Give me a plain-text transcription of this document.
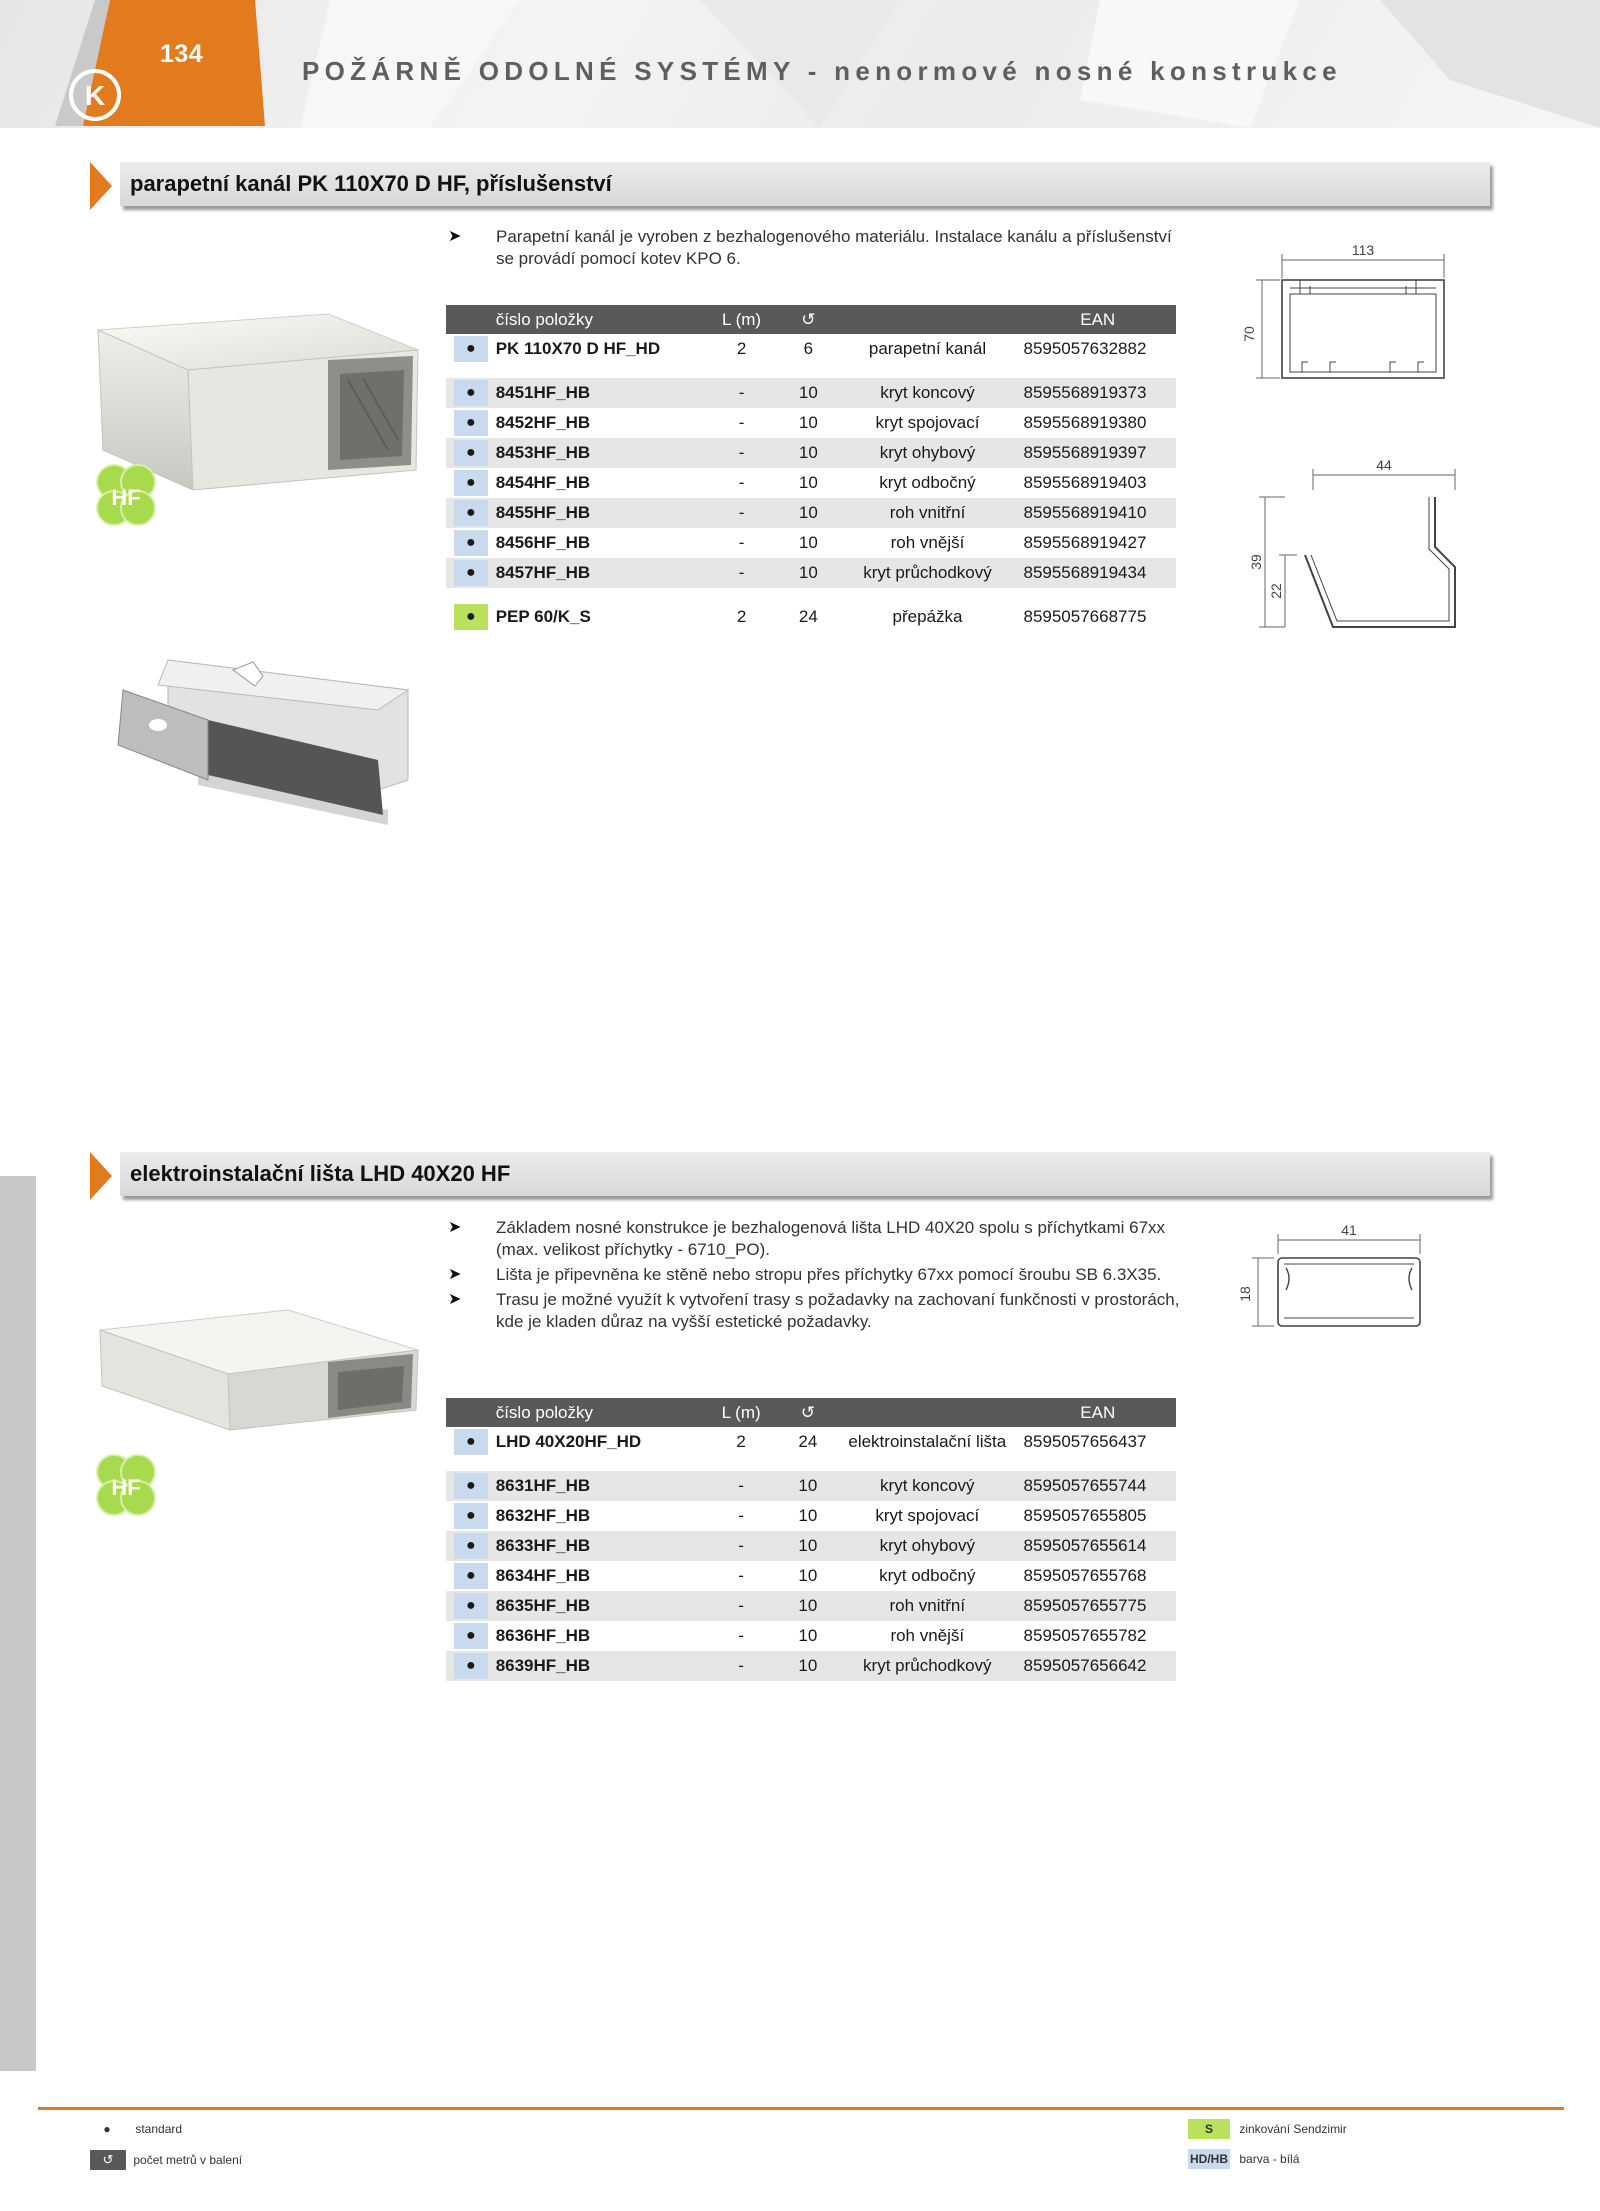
134
K
POŽÁRNĚ ODOLNÉ SYSTÉMY - nenormové nosné konstrukce
parapetní kanál PK 110X70 D HF, příslušenství
➤ Parapetní kanál je vyroben z bezhalogenového materiálu. Instalace kanálu a příslušenství se provádí pomocí kotev KPO 6.
HF
	číslo položky	L (m)	↺		EAN
●	PK 110X70 D HF_HD	2	6	parapetní kanál	8595057632882

●	8451HF_HB	-	10	kryt koncový	8595568919373
●	8452HF_HB	-	10	kryt spojovací	8595568919380
●	8453HF_HB	-	10	kryt ohybový	8595568919397
●	8454HF_HB	-	10	kryt odbočný	8595568919403
●	8455HF_HB	-	10	roh vnitřní	8595568919410
●	8456HF_HB	-	10	roh vnější	8595568919427
●	8457HF_HB	-	10	kryt průchodkový	8595568919434

●	PEP 60/K_S	2	24	přepážka	8595057668775
113
70
44
39
22
elektroinstalační lišta LHD 40X20 HF
➤ Základem nosné konstrukce je bezhalogenová lišta LHD 40X20 spolu s příchytkami 67xx (max. velikost příchytky - 6710_PO).
➤ Lišta je připevněna ke stěně nebo stropu přes příchytky 67xx pomocí šroubu SB 6.3X35.
➤ Trasu je možné využít k vytvoření trasy s požadavky na zachovaní funkčnosti v prostorách, kde je kladen důraz na vyšší estetické požadavky.
HF
41
18
	číslo položky	L (m)	↺		EAN
●	LHD 40X20HF_HD	2	24	elektroinstalační lišta	8595057656437

●	8631HF_HB	-	10	kryt koncový	8595057655744
●	8632HF_HB	-	10	kryt spojovací	8595057655805
●	8633HF_HB	-	10	kryt ohybový	8595057655614
●	8634HF_HB	-	10	kryt odbočný	8595057655768
●	8635HF_HB	-	10	roh vnitřní	8595057655775
●	8636HF_HB	-	10	roh vnější	8595057655782
●	8639HF_HB	-	10	kryt průchodkový	8595057656642
● standard
↺ počet metrů v balení
S zinkování Sendzimir
HD/HB barva - bílá
